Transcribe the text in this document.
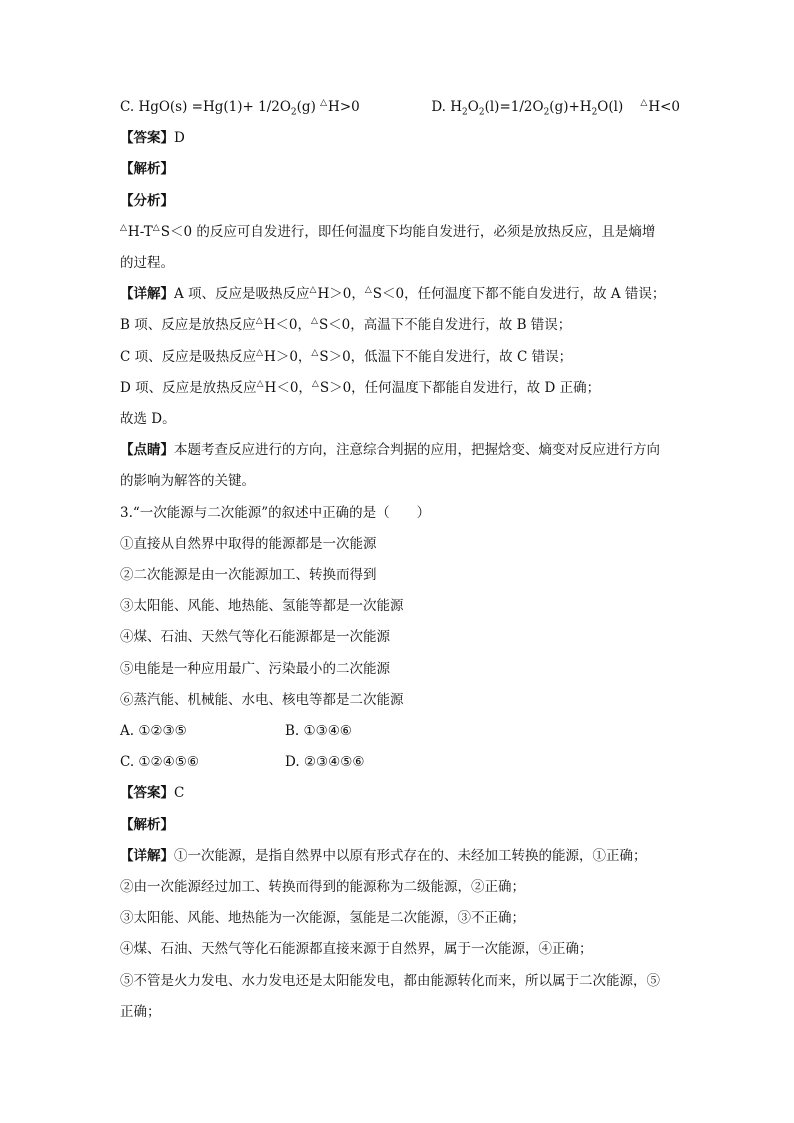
C. $HgO(s) =Hg(1)+ 1/2O_2(g)$ △H>0	D. $H_2O_2(l)=1/2O_2(g)+H_2O(l)$ △H<0
【答案】D
【解析】
【分析】
△H-T△S＜0 的反应可自发进行，即任何温度下均能自发进行，必须是放热反应，且是熵增
的过程。
【详解】A 项、反应是吸热反应△H＞0，△S＜0，任何温度下都不能自发进行，故 A 错误；
B 项、反应是放热反应△H＜0，△S＜0，高温下不能自发进行，故 B 错误；
C 项、反应是吸热反应△H＞0，△S＞0，低温下不能自发进行，故 C 错误；
D 项、反应是放热反应△H＜0，△S＞0，任何温度下都能自发进行，故 D 正确；
故选 D。
【点睛】本题考查反应进行的方向，注意综合判据的应用，把握焓变、熵变对反应进行方向
的影响为解答的关键。
3.“一次能源与二次能源”的叙述中正确的是（　　）
①直接从自然界中取得的能源都是一次能源
②二次能源是由一次能源加工、转换而得到
③太阳能、风能、地热能、氢能等都是一次能源
④煤、石油、天然气等化石能源都是一次能源
⑤电能是一种应用最广、污染最小的二次能源
⑥蒸汽能、机械能、水电、核电等都是二次能源
A. ①②③⑤	B. ①③④⑥
C. ①②④⑤⑥	D. ②③④⑤⑥
【答案】C
【解析】
【详解】①一次能源，是指自然界中以原有形式存在的、未经加工转换的能源，①正确；
②由一次能源经过加工、转换而得到的能源称为二级能源，②正确；
③太阳能、风能、地热能为一次能源，氢能是二次能源，③不正确；
④煤、石油、天然气等化石能源都直接来源于自然界，属于一次能源，④正确；
⑤不管是火力发电、水力发电还是太阳能发电，都由能源转化而来，所以属于二次能源，⑤
正确；
